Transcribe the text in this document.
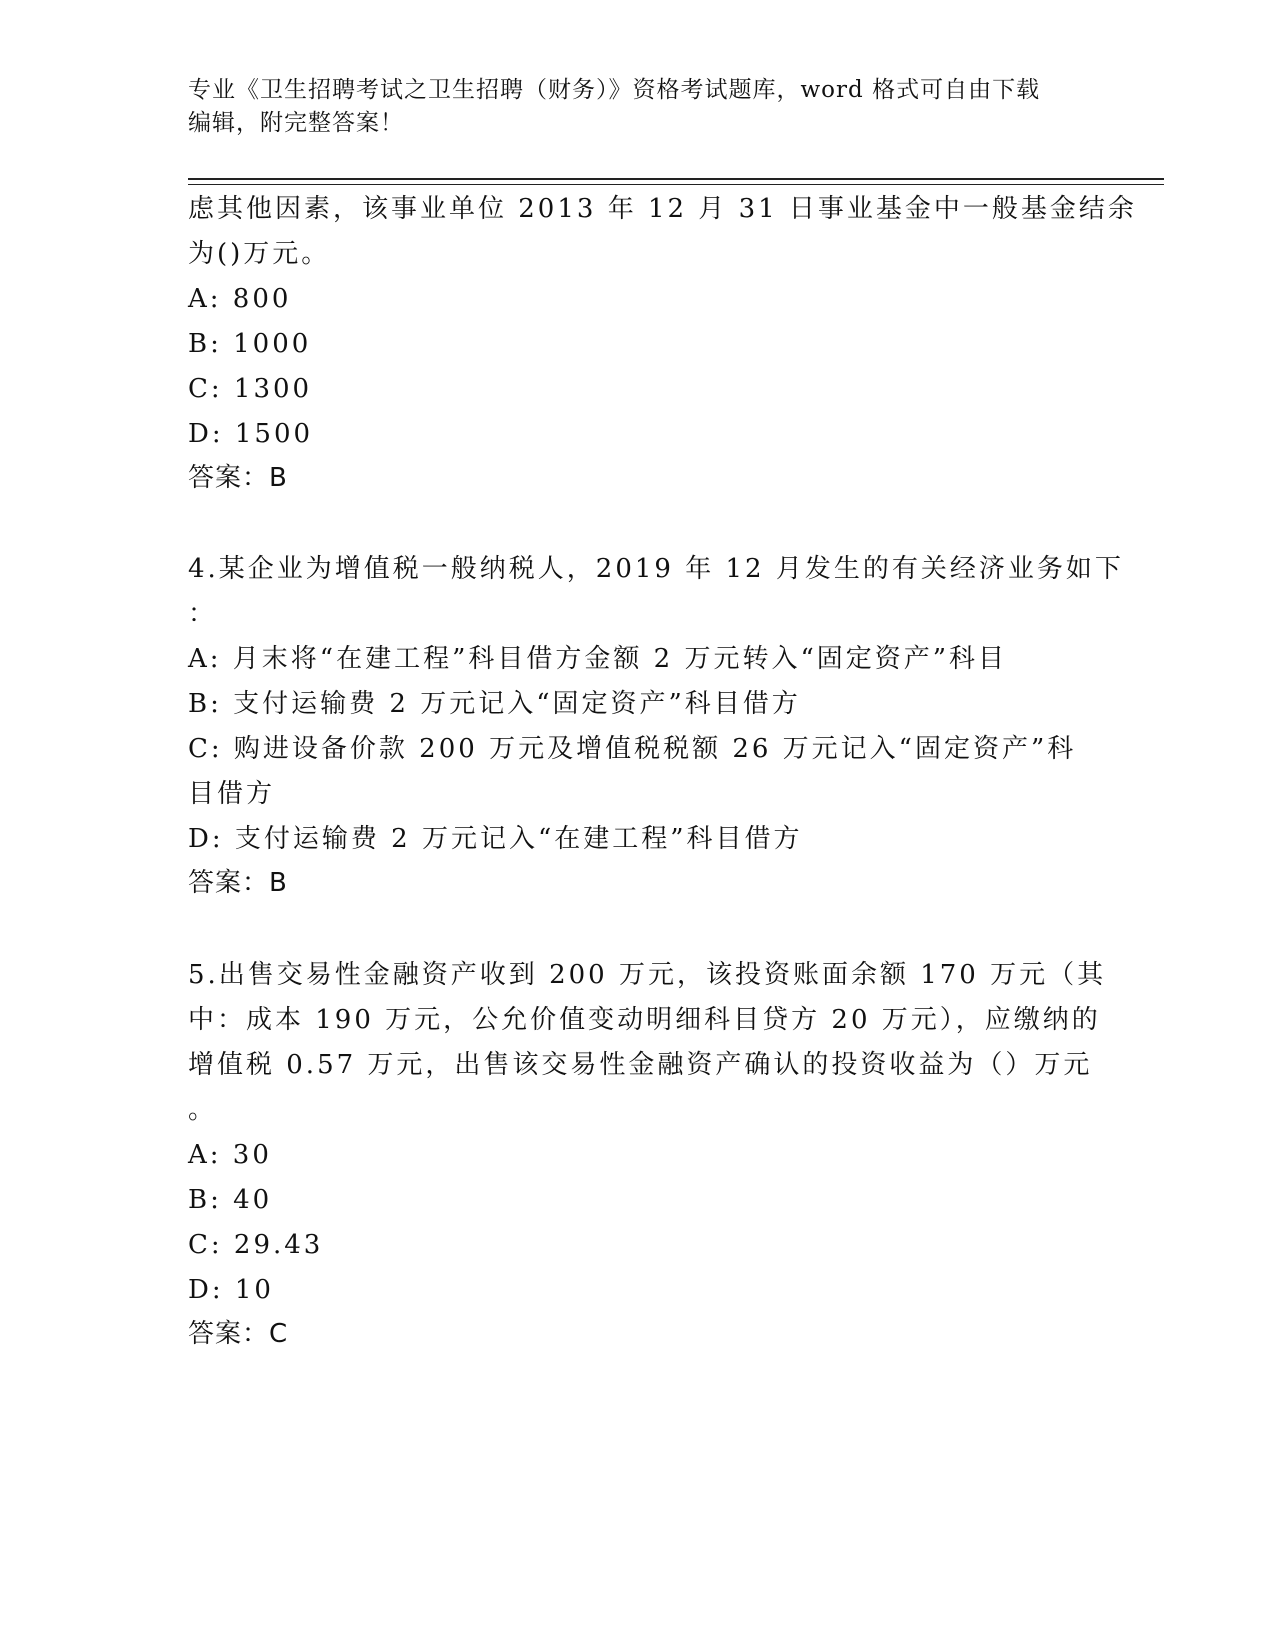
专业《卫生招聘考试之卫生招聘（财务）》资格考试题库，word 格式可自由下载
编辑，附完整答案！
虑其他因素，该事业单位 2013 年 12 月 31 日事业基金中一般基金结余
为()万元。
A: 800
B: 1000
C: 1300
D: 1500
答案：B
4.某企业为增值税一般纳税人，2019 年 12 月发生的有关经济业务如下
：
A: 月末将“在建工程”科目借方金额 2 万元转入“固定资产”科目
B: 支付运输费 2 万元记入“固定资产”科目借方
C: 购进设备价款 200 万元及增值税税额 26 万元记入“固定资产”科
目借方
D: 支付运输费 2 万元记入“在建工程”科目借方
答案：B
5.出售交易性金融资产收到 200 万元，该投资账面余额 170 万元（其
中：成本 190 万元，公允价值变动明细科目贷方 20 万元），应缴纳的
增值税 0.57 万元，出售该交易性金融资产确认的投资收益为（）万元
。
A: 30
B: 40
C: 29.43
D: 10
答案：C
